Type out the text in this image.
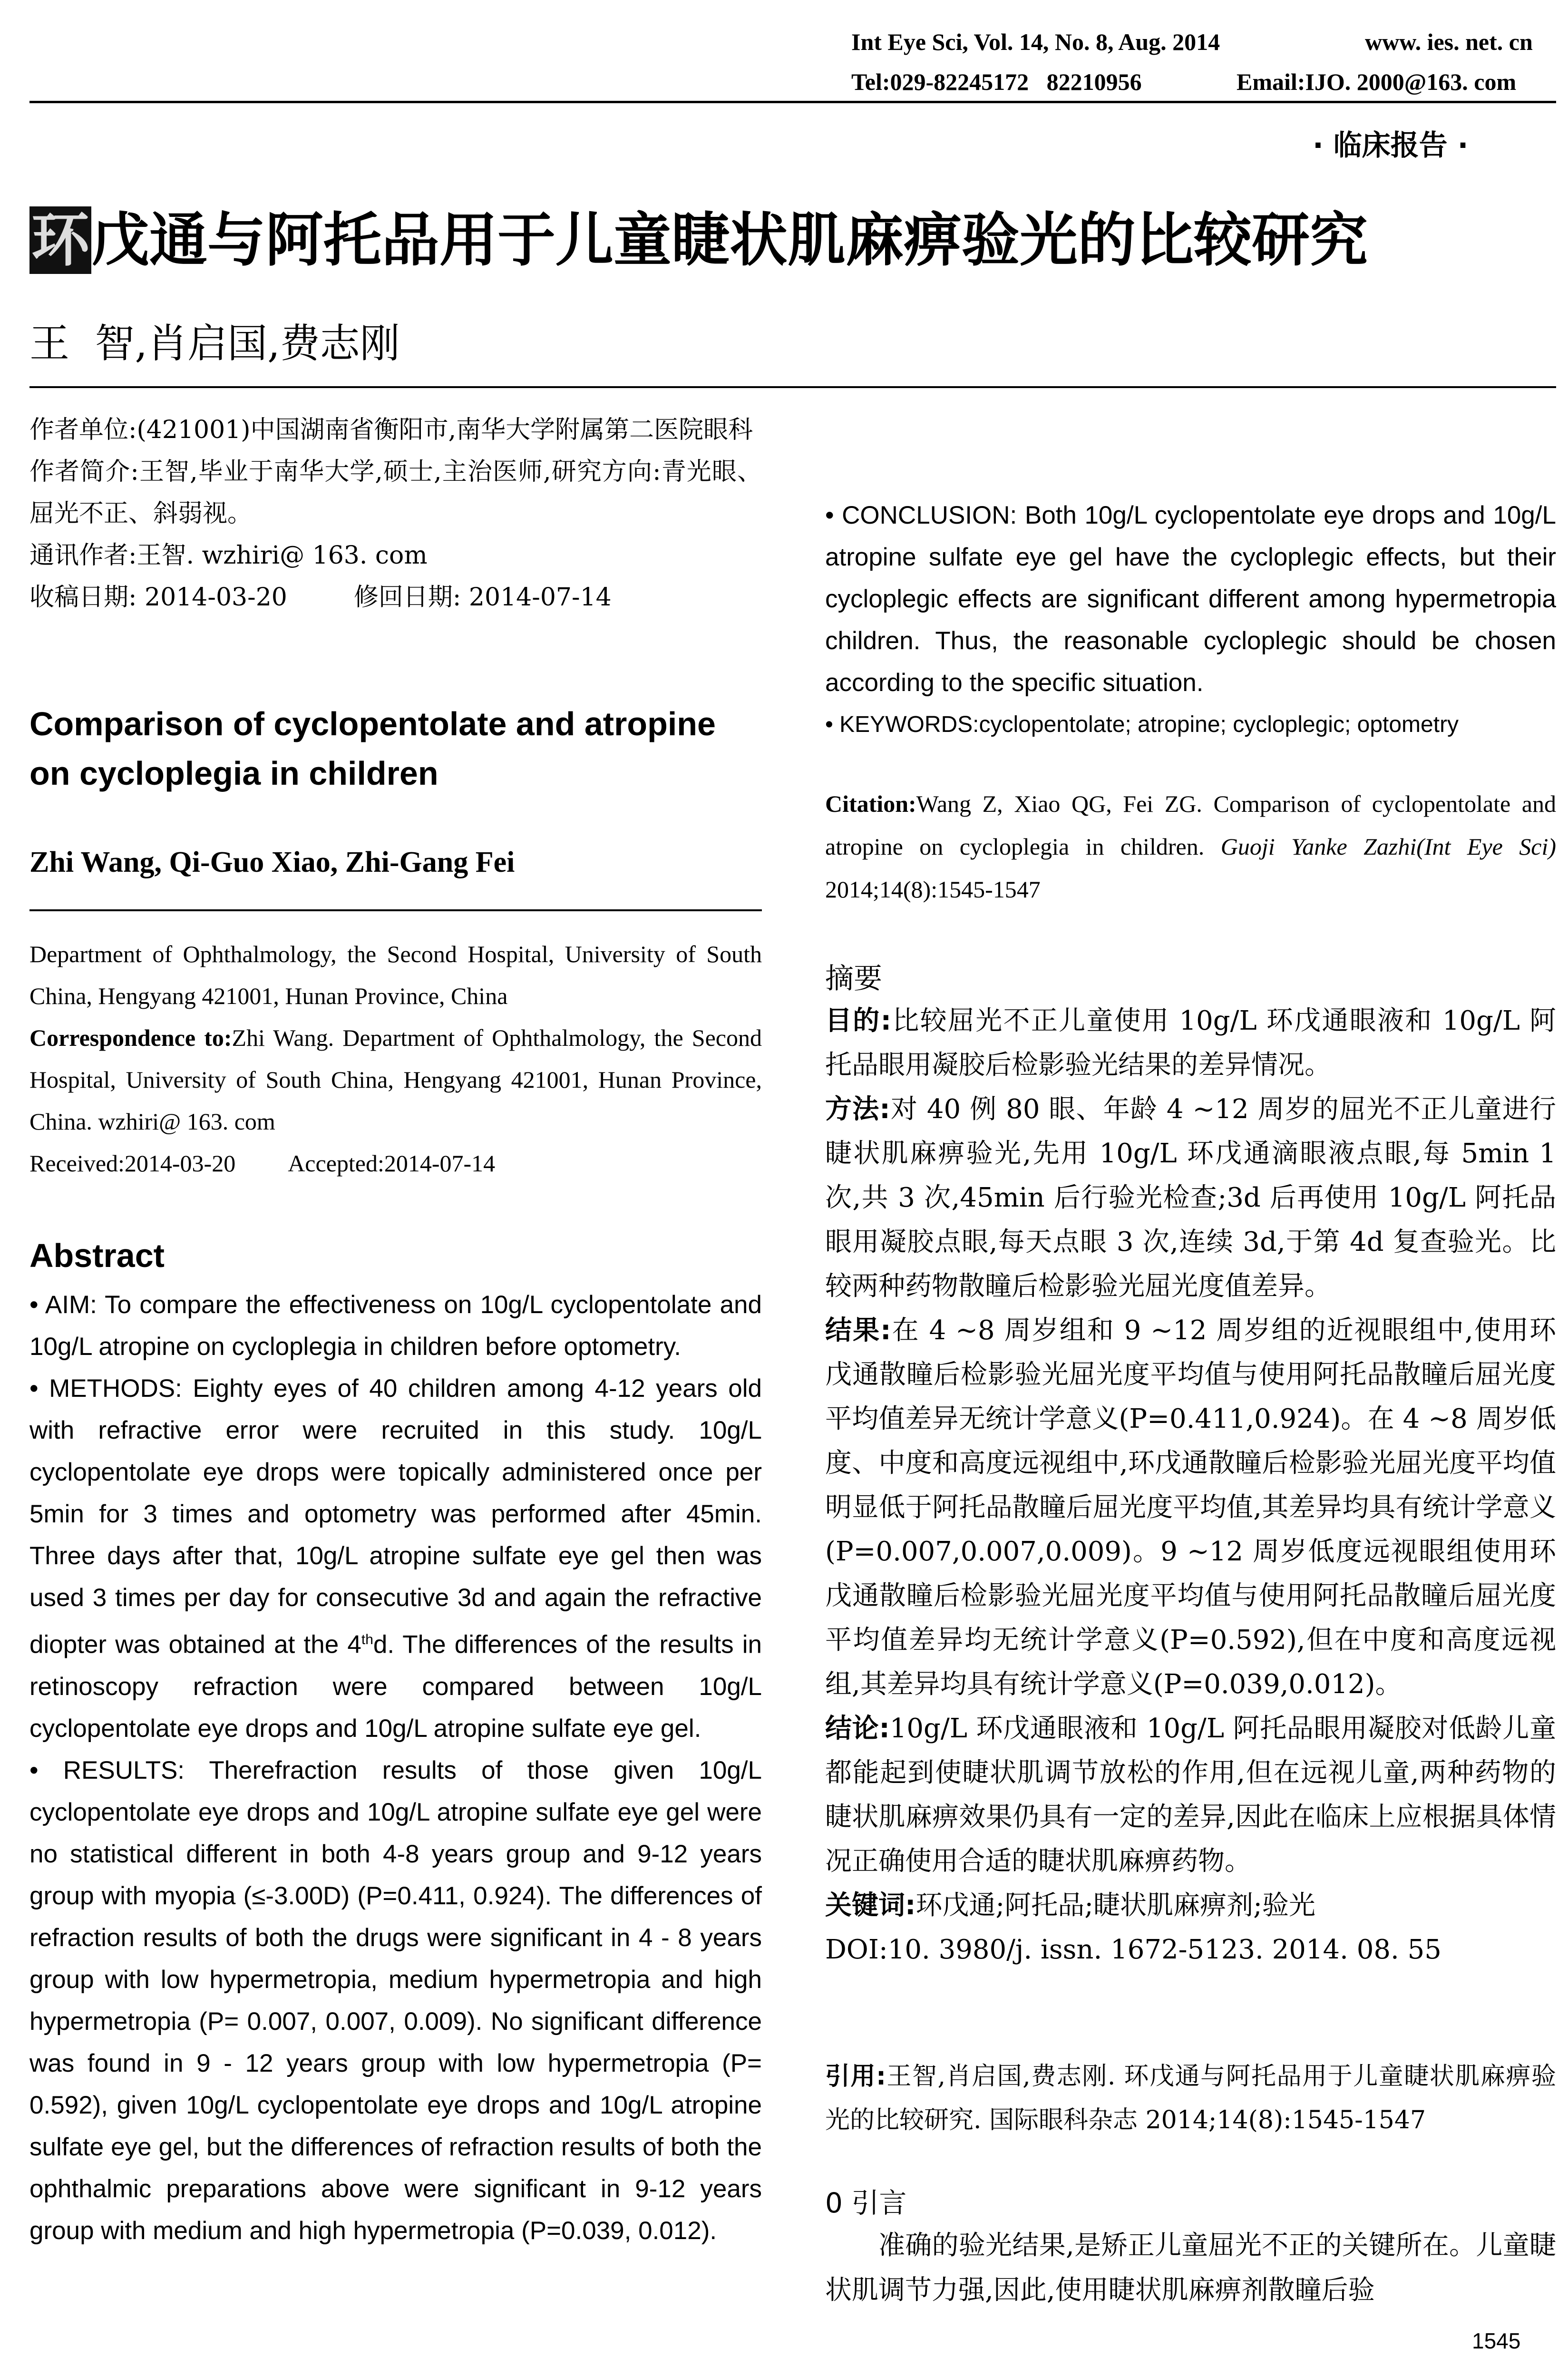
Int Eye Sci, Vol. 14, No. 8, Aug. 2014	www. ies. net. cn
Tel:029-82245172   82210956	Email:IJO. 2000@163. com
· 临床报告 ·
环戊通与阿托品用于儿童睫状肌麻痹验光的比较研究
王  智,肖启国,费志刚

作者单位:(421001)中国湖南省衡阳市,南华大学附属第二医院眼科

作者简介:王智,毕业于南华大学,硕士,主治医师,研究方向:青光眼、屈光不正、斜弱视。

通讯作者:王智. wzhiri@ 163. com

收稿日期: 2014-03-20	修回日期: 2014-07-14

Comparison of cyclopentolate and atropine on cycloplegia in children
Zhi Wang, Qi-Guo Xiao, Zhi-Gang Fei

Department of Ophthalmology, the Second Hospital, University of South China, Hengyang 421001, Hunan Province, China

Correspondence to:Zhi Wang. Department of Ophthalmology, the Second Hospital, University of South China, Hengyang 421001, Hunan Province, China. wzhiri@ 163. com

Received:2014-03-20 Accepted:2014-07-14

Abstract

• AIM: To compare the effectiveness on 10g/L cyclopentolate and 10g/L atropine on cycloplegia in children before optometry.

• METHODS: Eighty eyes of 40 children among 4-12 years old with refractive error were recruited in this study. 10g/L cyclopentolate eye drops were topically administered once per 5min for 3 times and optometry was performed after 45min. Three days after that, 10g/L atropine sulfate eye gel then was used 3 times per day for consecutive 3d and again the refractive diopter was obtained at the 4thd. The differences of the results in retinoscopy refraction were compared between 10g/L cyclopentolate eye drops and 10g/L atropine sulfate eye gel.

• RESULTS: Therefraction results of those given 10g/L cyclopentolate eye drops and 10g/L atropine sulfate eye gel were no statistical different in both 4-8 years group and 9-12 years group with myopia (≤-3.00D) (P=0.411, 0.924). The differences of refraction results of both the drugs were significant in 4 - 8 years group with low hypermetropia, medium hypermetropia and high hypermetropia (P= 0.007, 0.007, 0.009). No significant difference was found in 9 - 12 years group with low hypermetropia (P= 0.592), given 10g/L cyclopentolate eye drops and 10g/L atropine sulfate eye gel, but the differences of refraction results of both the ophthalmic preparations above were significant in 9-12 years group with medium and high hypermetropia (P=0.039, 0.012).

• CONCLUSION: Both 10g/L cyclopentolate eye drops and 10g/L atropine sulfate eye gel have the cycloplegic effects, but their cycloplegic effects are significant different among hypermetropia children. Thus, the reasonable cycloplegic should be chosen according to the specific situation.

• KEYWORDS:cyclopentolate; atropine; cycloplegic; optometry

Citation:Wang Z, Xiao QG, Fei ZG. Comparison of cyclopentolate and atropine on cycloplegia in children. Guoji Yanke Zazhi(Int Eye Sci) 2014;14(8):1545-1547
摘要

目的:比较屈光不正儿童使用 10g/L 环戊通眼液和 10g/L 阿托品眼用凝胶后检影验光结果的差异情况。

方法:对 40 例 80 眼、年龄 4 ~12 周岁的屈光不正儿童进行睫状肌麻痹验光,先用 10g/L 环戊通滴眼液点眼,每 5min 1 次,共 3 次,45min 后行验光检查;3d 后再使用 10g/L 阿托品眼用凝胶点眼,每天点眼 3 次,连续 3d,于第 4d 复查验光。比较两种药物散瞳后检影验光屈光度值差异。

结果:在 4 ~8 周岁组和 9 ~12 周岁组的近视眼组中,使用环戊通散瞳后检影验光屈光度平均值与使用阿托品散瞳后屈光度平均值差异无统计学意义(P=0.411,0.924)。在 4 ~8 周岁低度、中度和高度远视组中,环戊通散瞳后检影验光屈光度平均值明显低于阿托品散瞳后屈光度平均值,其差异均具有统计学意义(P=0.007,0.007,0.009)。9 ~12 周岁低度远视眼组使用环戊通散瞳后检影验光屈光度平均值与使用阿托品散瞳后屈光度平均值差异均无统计学意义(P=0.592),但在中度和高度远视组,其差异均具有统计学意义(P=0.039,0.012)。

结论:10g/L 环戊通眼液和 10g/L 阿托品眼用凝胶对低龄儿童都能起到使睫状肌调节放松的作用,但在远视儿童,两种药物的睫状肌麻痹效果仍具有一定的差异,因此在临床上应根据具体情况正确使用合适的睫状肌麻痹药物。

关键词:环戊通;阿托品;睫状肌麻痹剂;验光

DOI:10. 3980/j. issn. 1672-5123. 2014. 08. 55

引用:王智,肖启国,费志刚. 环戊通与阿托品用于儿童睫状肌麻痹验光的比较研究. 国际眼科杂志 2014;14(8):1545-1547
0 引言
准确的验光结果,是矫正儿童屈光不正的关键所在。儿童睫状肌调节力强,因此,使用睫状肌麻痹剂散瞳后验
1545
